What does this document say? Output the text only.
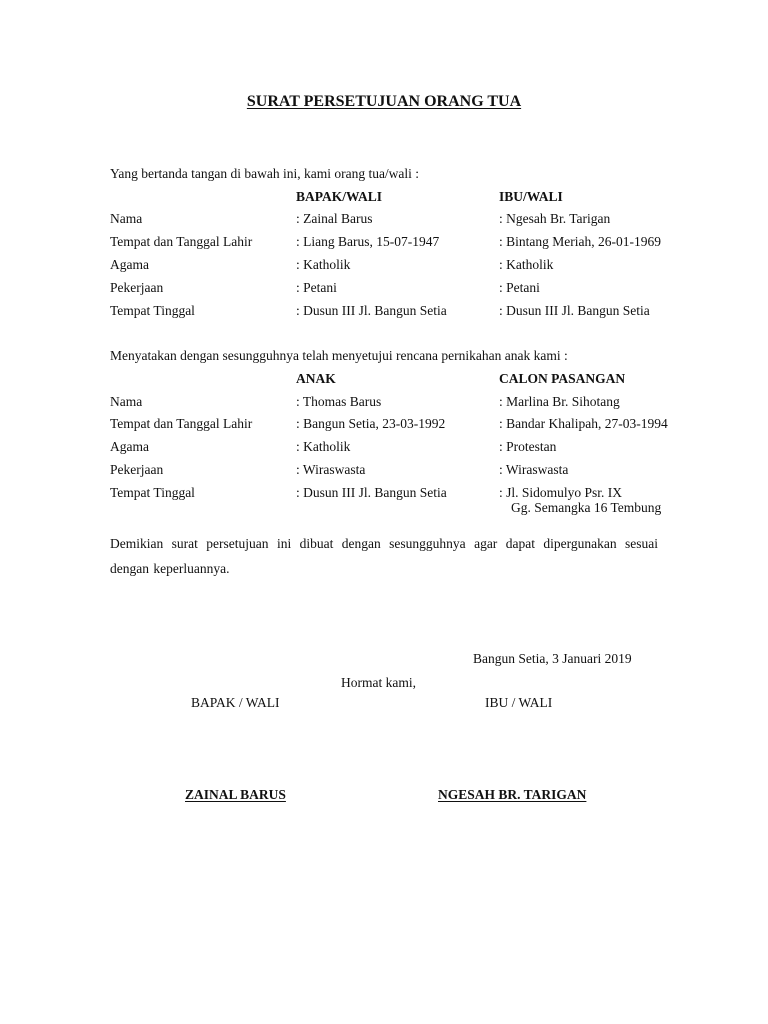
SURAT PERSETUJUAN ORANG TUA
Yang bertanda tangan di bawah ini, kami orang tua/wali :
BAPAK/WALI	IBU/WALI
Nama	: Zainal Barus	: Ngesah Br. Tarigan
Tempat dan Tanggal Lahir	: Liang Barus, 15-07-1947	: Bintang Meriah, 26-01-1969
Agama	: Katholik	: Katholik
Pekerjaan	: Petani	: Petani
Tempat Tinggal	: Dusun III Jl. Bangun Setia	: Dusun III Jl. Bangun Setia
Menyatakan dengan sesungguhnya telah menyetujui rencana pernikahan anak kami :
ANAK	CALON PASANGAN
Nama	: Thomas Barus	: Marlina Br. Sihotang
Tempat dan Tanggal Lahir	: Bangun Setia, 23-03-1992	: Bandar Khalipah, 27-03-1994
Agama	: Katholik	: Protestan
Pekerjaan	: Wiraswasta	: Wiraswasta
Tempat Tinggal	: Dusun III Jl. Bangun Setia	: Jl. Sidomulyo Psr. IX
Gg. Semangka 16 Tembung
Demikian surat persetujuan ini dibuat dengan sesungguhnya agar dapat dipergunakan sesuai dengan keperluannya.
Bangun Setia, 3 Januari 2019
Hormat kami,
BAPAK / WALI	IBU / WALI
ZAINAL BARUS	NGESAH BR. TARIGAN
